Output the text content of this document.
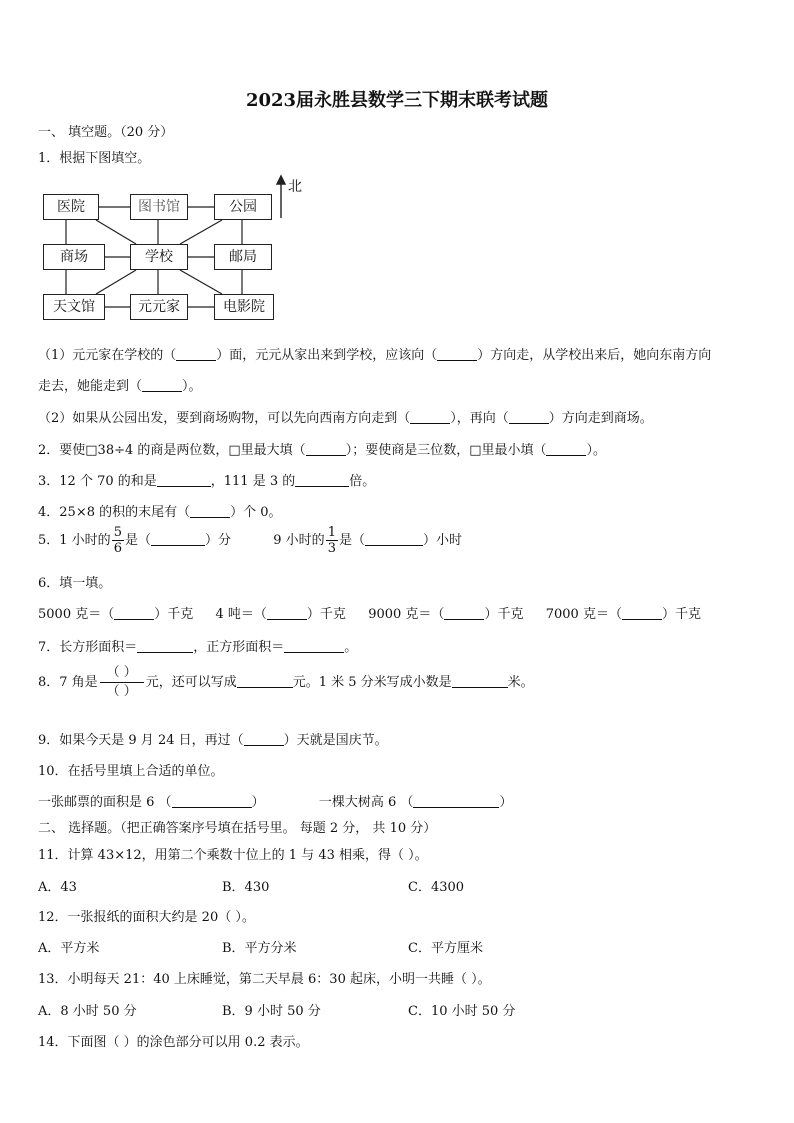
2023届永胜县数学三下期末联考试题
一、 填空题。（20 分）
1．根据下图填空。
北
医院	图书馆	公园
商场	学校	邮局
天文馆	元元家	电影院
（1）元元家在学校的（	）面，元元从家出来到学校，应该向（	）方向走，从学校出来后，她向东南方向
走去，她能走到（	）。
（2）如果从公园出发，要到商场购物，可以先向西南方向走到（	），再向（	）方向走到商场。
2．要使□38÷4 的商是两位数，□里最大填（	）；要使商是三位数，□里最小填（	）。
3．12 个 70 的和是	，111 是 3 的	倍。
4．25×8 的积的末尾有（	）个 0。
5．1 小时的 $\frac{5}{6}$ 是（	）分	9 小时的 $\frac{1}{3}$ 是（	）小时
6．填一填。
5000 克＝（	）千克 4 吨＝（	）千克 9000 克＝（	）千克 7000 克＝（	）千克
7．长方形面积＝	，正方形面积＝	。
8．7 角是
（ ）
（ ）
元，还可以写成	元。1 米 5 分米写成小数是	米。
9．如果今天是 9 月 24 日，再过（	）天就是国庆节。
10．在括号里填上合适的单位。
一张邮票的面积是 6 （	）	一棵大树高 6 （	）
二、 选择题。（把正确答案序号填在括号里。 每题 2 分， 共 10 分）
11．计算 43×12，用第二个乘数十位上的 1 与 43 相乘，得（ ）。
A．43	B．430	C．4300
12．一张报纸的面积大约是 20（ ）。
A．平方米	B．平方分米	C．平方厘米
13．小明每天 21：40 上床睡觉，第二天早晨 6：30 起床，小明一共睡（ ）。
A．8 小时 50 分	B．9 小时 50 分	C．10 小时 50 分
14．下面图（ ）的涂色部分可以用 0.2 表示。
